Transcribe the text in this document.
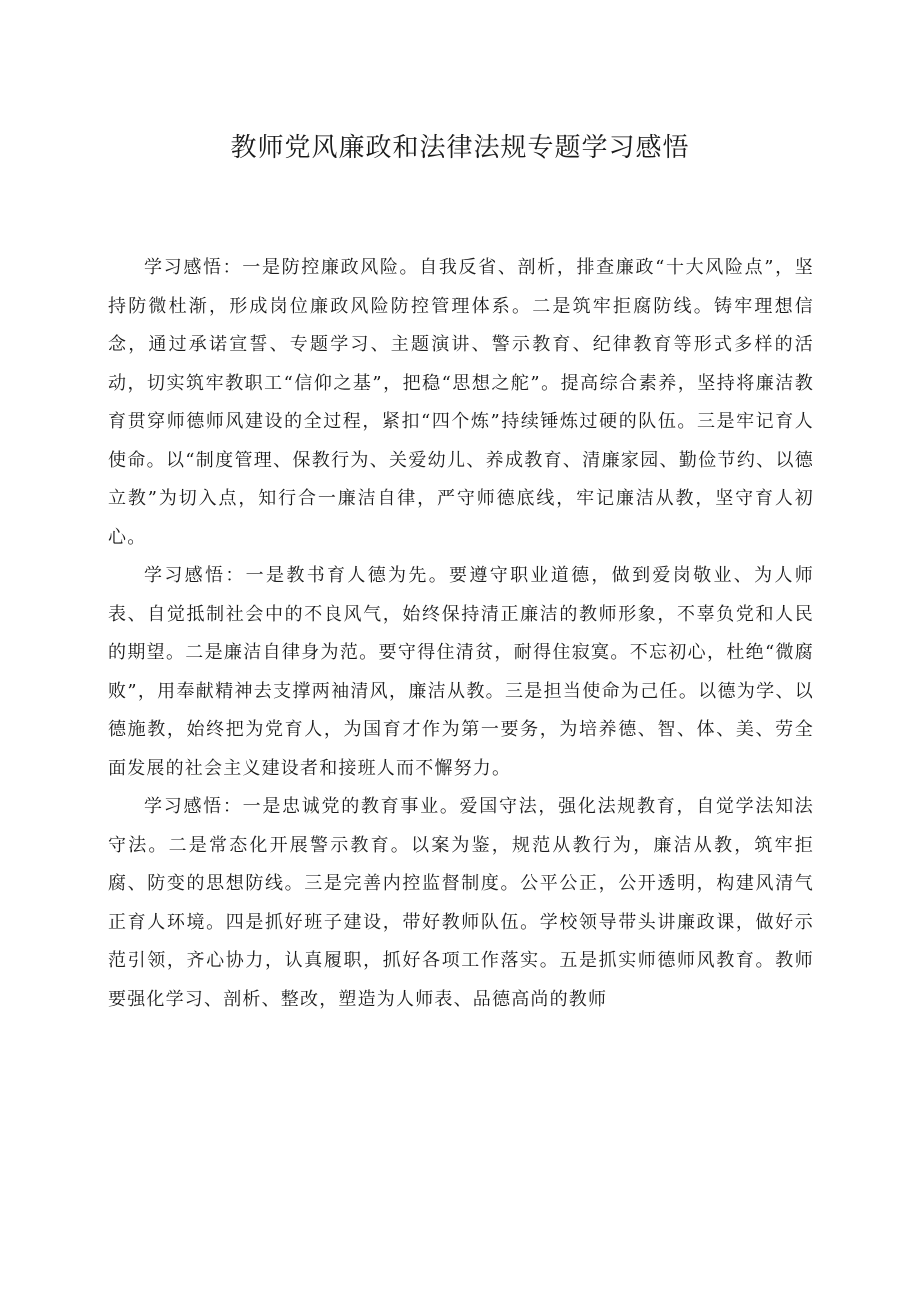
教师党风廉政和法律法规专题学习感悟

学习感悟：一是防控廉政风险。自我反省、剖析，排查廉政“十大风险点”，坚持防微杜渐，形成岗位廉政风险防控管理体系。二是筑牢拒腐防线。铸牢理想信念，通过承诺宣誓、专题学习、主题演讲、警示教育、纪律教育等形式多样的活动，切实筑牢教职工“信仰之基”，把稳“思想之舵”。提高综合素养，坚持将廉洁教育贯穿师德师风建设的全过程，紧扣“四个炼”持续锤炼过硬的队伍。三是牢记育人使命。以“制度管理、保教行为、关爱幼儿、养成教育、清廉家园、勤俭节约、以德立教”为切入点，知行合一廉洁自律，严守师德底线，牢记廉洁从教，坚守育人初心。

学习感悟：一是教书育人德为先。要遵守职业道德，做到爱岗敬业、为人师表、自觉抵制社会中的不良风气，始终保持清正廉洁的教师形象，不辜负党和人民的期望。二是廉洁自律身为范。要守得住清贫，耐得住寂寞。不忘初心，杜绝“微腐败”，用奉献精神去支撑两袖清风，廉洁从教。三是担当使命为己任。以德为学、以德施教，始终把为党育人，为国育才作为第一要务，为培养德、智、体、美、劳全面发展的社会主义建设者和接班人而不懈努力。

学习感悟：一是忠诚党的教育事业。爱国守法，强化法规教育，自觉学法知法守法。二是常态化开展警示教育。以案为鉴，规范从教行为，廉洁从教，筑牢拒腐、防变的思想防线。三是完善内控监督制度。公平公正，公开透明，构建风清气正育人环境。四是抓好班子建设，带好教师队伍。学校领导带头讲廉政课，做好示范引领，齐心协力，认真履职，抓好各项工作落实。五是抓实师德师风教育。教师要强化学习、剖析、整改，塑造为人师表、品德高尚的教师
